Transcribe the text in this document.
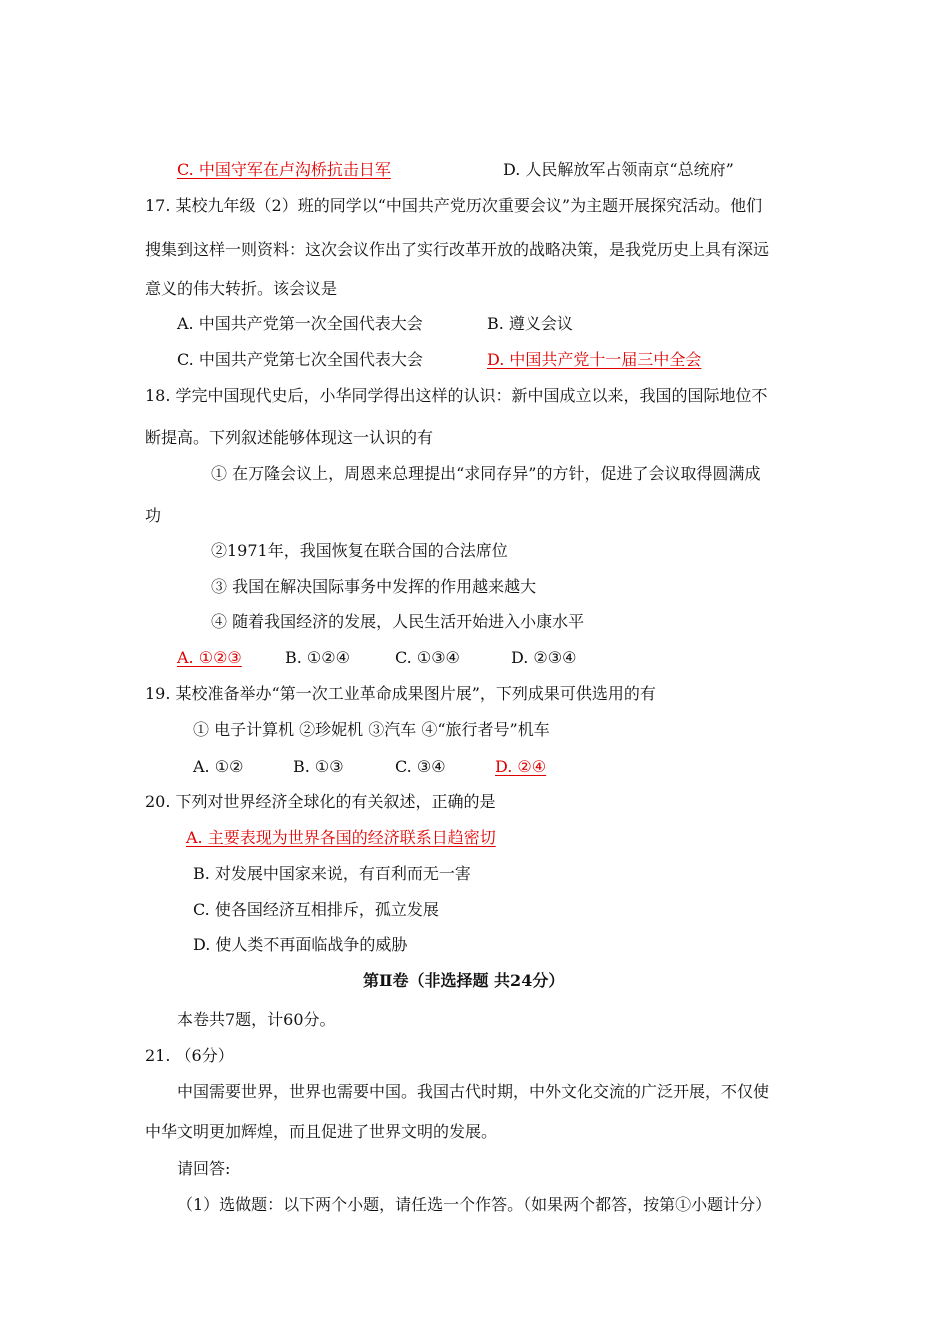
C. 中国守军在卢沟桥抗击日军	D. 人民解放军占领南京“总统府”
17. 某校九年级（2）班的同学以“中国共产党历次重要会议”为主题开展探究活动。他们
搜集到这样一则资料：这次会议作出了实行改革开放的战略决策，是我党历史上具有深远
意义的伟大转折。该会议是
A. 中国共产党第一次全国代表大会	B. 遵义会议
C. 中国共产党第七次全国代表大会	D. 中国共产党十一届三中全会
18. 学完中国现代史后，小华同学得出这样的认识：新中国成立以来，我国的国际地位不
断提高。下列叙述能够体现这一认识的有
① 在万隆会议上，周恩来总理提出“求同存异”的方针，促进了会议取得圆满成
功
②1971年，我国恢复在联合国的合法席位
③ 我国在解决国际事务中发挥的作用越来越大
④ 随着我国经济的发展，人民生活开始进入小康水平
A. ①②③	B. ①②④	C. ①③④	D. ②③④
19. 某校准备举办“第一次工业革命成果图片展”，下列成果可供选用的有
① 电子计算机 ②珍妮机 ③汽车 ④“旅行者号”机车
A. ①②	B. ①③	C. ③④	D. ②④
20. 下列对世界经济全球化的有关叙述，正确的是
A. 主要表现为世界各国的经济联系日趋密切
B. 对发展中国家来说，有百利而无一害
C. 使各国经济互相排斥，孤立发展
D. 使人类不再面临战争的威胁
第Ⅱ卷（非选择题 共24分）
本卷共7题，计60分。
21. （6分）
中国需要世界，世界也需要中国。我国古代时期，中外文化交流的广泛开展，不仅使
中华文明更加辉煌，而且促进了世界文明的发展。
请回答:
（1）选做题：以下两个小题，请任选一个作答。（如果两个都答，按第①小题计分）
